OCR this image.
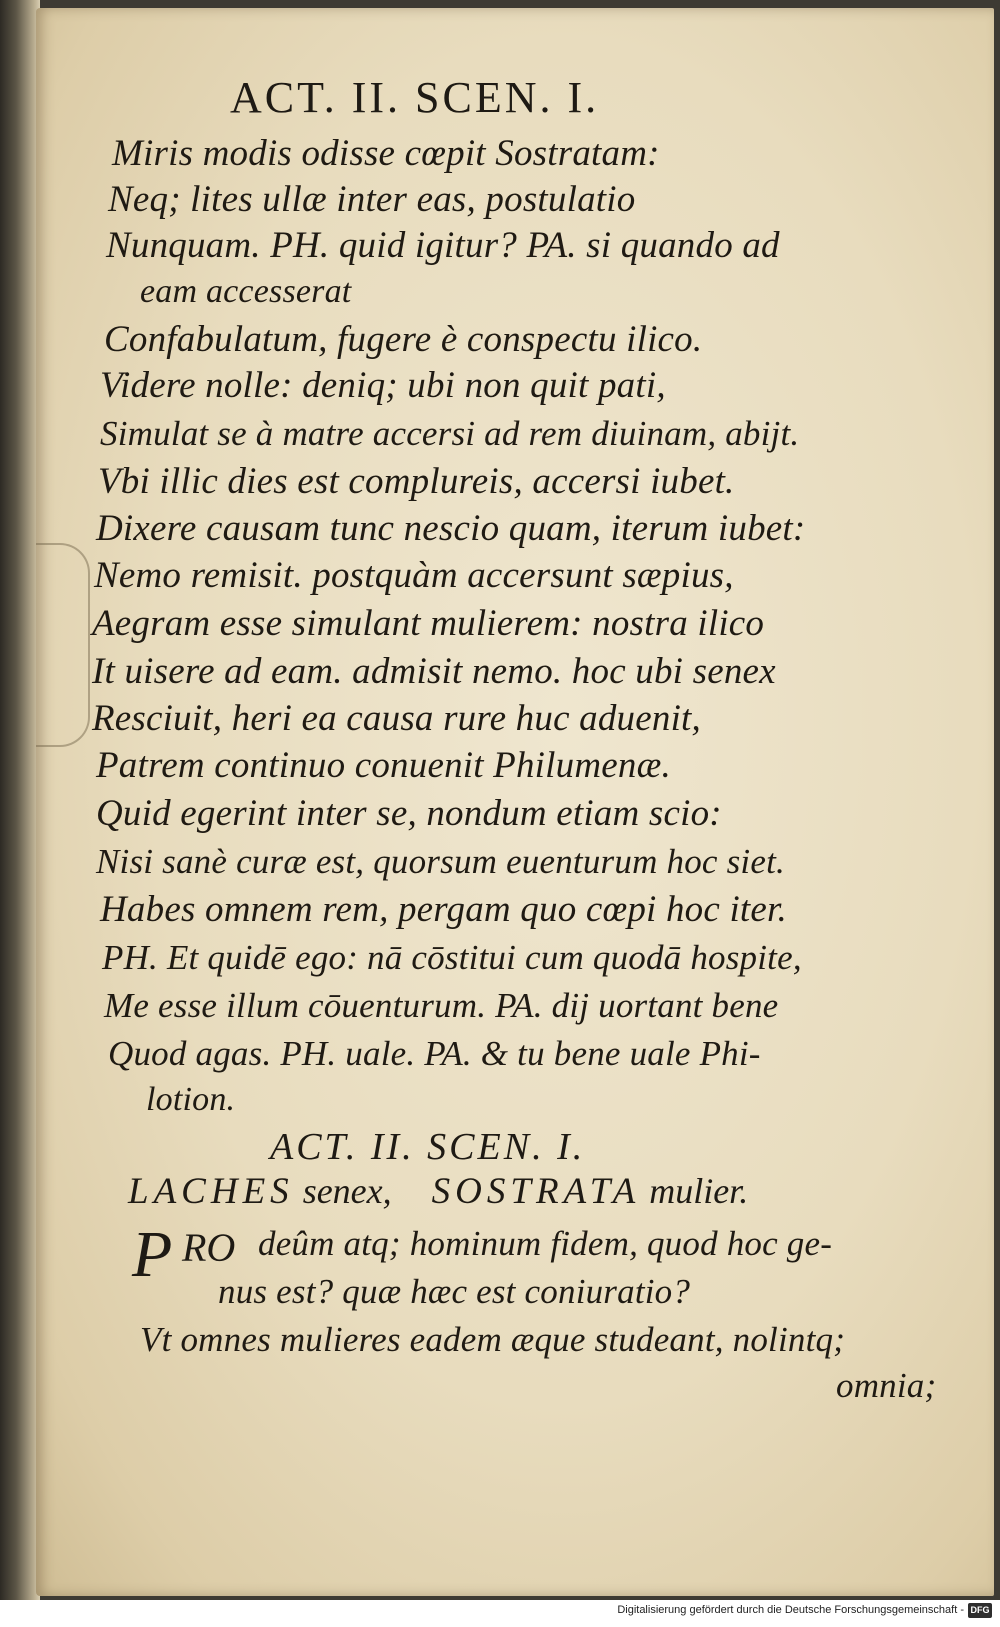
ACT. II. SCEN. I.
Miris modis odisse cœpit Sostratam:
Neq; lites ullæ inter eas, postulatio
Nunquam. PH. quid igitur? PA. si quando ad
eam accesserat
Confabulatum, fugere è conspectu ilico.
Videre nolle: deniq; ubi non quit pati,
Simulat se à matre accersi ad rem diuinam, abijt.
Vbi illic dies est complureis, accersi iubet.
Dixere causam tunc nescio quam, iterum iubet:
Nemo remisit. postquàm accersunt sæpius,
Aegram esse simulant mulierem: nostra ilico
It uisere ad eam. admisit nemo. hoc ubi senex
Resciuit, heri ea causa rure huc aduenit,
Patrem continuo conuenit Philumenæ.
Quid egerint inter se, nondum etiam scio:
Nisi sanè curæ est, quorsum euenturum hoc siet.
Habes omnem rem, pergam quo cœpi hoc iter.
PH. Et quidē ego: nā cōstitui cum quodā hospite,
Me esse illum cōuenturum. PA. dij uortant bene
Quod agas. PH. uale. PA. & tu bene uale Phi-
lotion.
ACT. II. SCEN. I.
LACHES senex, SOSTRATA mulier.
P RO deûm atq; hominum fidem, quod hoc ge-
nus est? quæ hæc est coniuratio?
Vt omnes mulieres eadem æque studeant, nolintq;
omnia;
Digitalisierung gefördert durch die Deutsche Forschungsgemeinschaft - DFG
